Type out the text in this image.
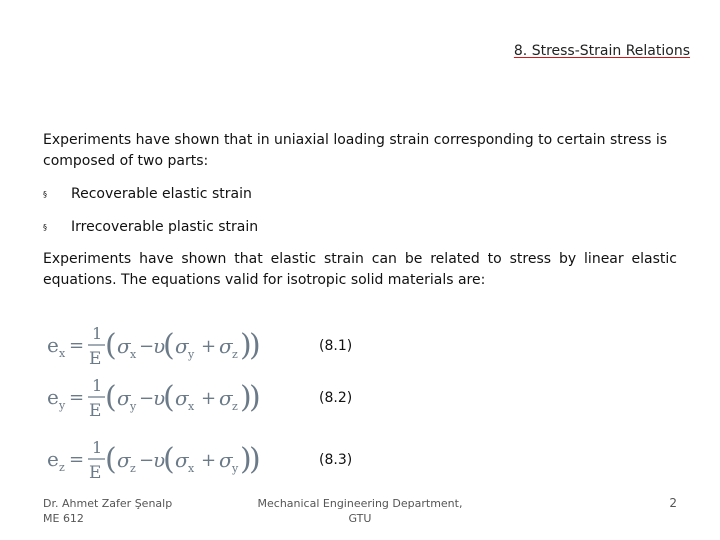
8. Stress-Strain Relations
Experiments have shown that in uniaxial loading strain corresponding to certain stress is composed of two parts:
§ Recoverable elastic strain
§ Irrecoverable plastic strain
Experiments have shown that elastic strain can be related to stress by linear elastic equations. The equations valid for isotropic solid materials are:
e x =
1
E ( σ x −
υ
( σ y + σ z )
)	(8.1)
e y =
1
E ( σ y −
υ
( σ x + σ z )
)	(8.2)
e z =
1
E ( σ z −
υ
( σ x + σ y )
)	(8.3)
Dr. Ahmet Zafer Şenalp
ME 612
Mechanical Engineering Department,
GTU
2
